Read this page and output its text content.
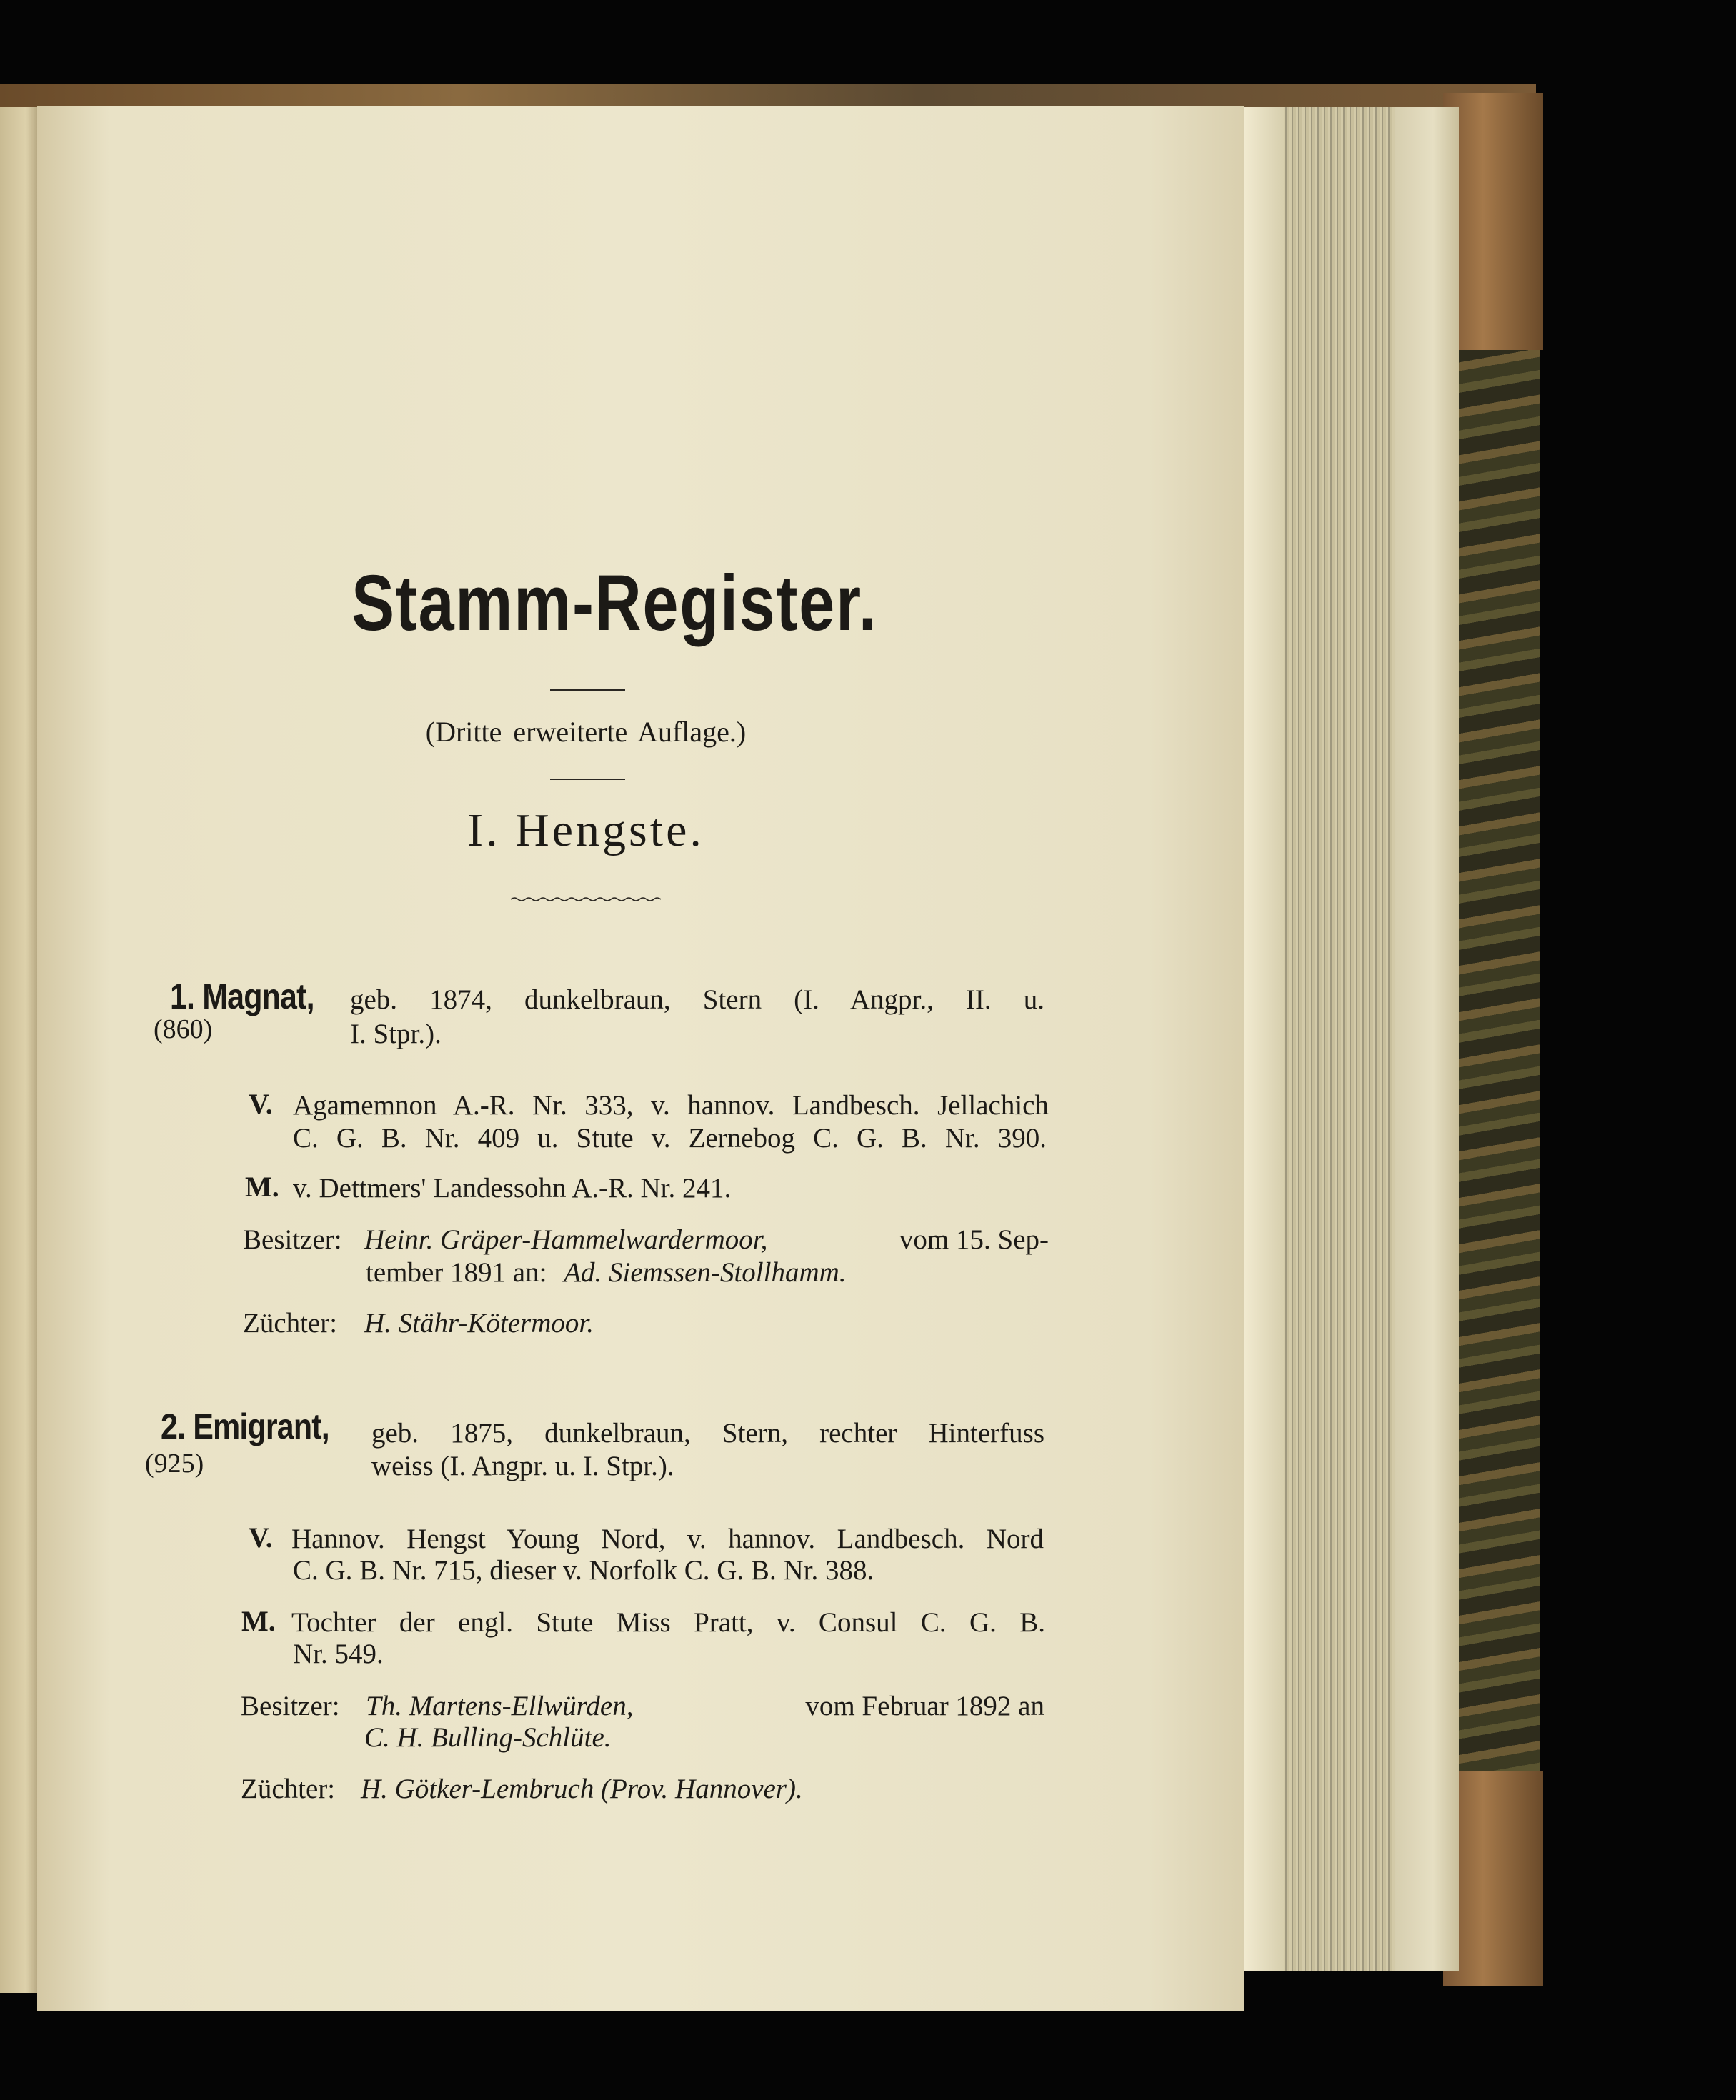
Stamm-Register.
(Dritte erweiterte Auflage.)
I. Hengste.
1. Magnat,
(860)
geb. 1874, dunkelbraun, Stern (I. Angpr., II. u.
I. Stpr.).
V. Agamemnon A.-R. Nr. 333, v. hannov. Landbesch. Jellachich
C. G. B. Nr. 409 u. Stute v. Zernebog C. G. B. Nr. 390.
M. v. Dettmers' Landessohn A.-R. Nr. 241.
Besitzer: Heinr. Gräper-Hammelwardermoor,	vom 15. Sep-
tember 1891 an: Ad. Siemssen-Stollhamm.
Züchter: H. Stähr-Kötermoor.
2. Emigrant,
(925)
geb. 1875, dunkelbraun, Stern, rechter Hinterfuss
weiss (I. Angpr. u. I. Stpr.).
V. Hannov. Hengst Young Nord, v. hannov. Landbesch. Nord
C. G. B. Nr. 715, dieser v. Norfolk C. G. B. Nr. 388.
M. Tochter der engl. Stute Miss Pratt, v. Consul C. G. B.
Nr. 549.
Besitzer: Th. Martens-Ellwürden,	vom Februar 1892 an
C. H. Bulling-Schlüte.
Züchter: H. Götker-Lembruch (Prov. Hannover).
